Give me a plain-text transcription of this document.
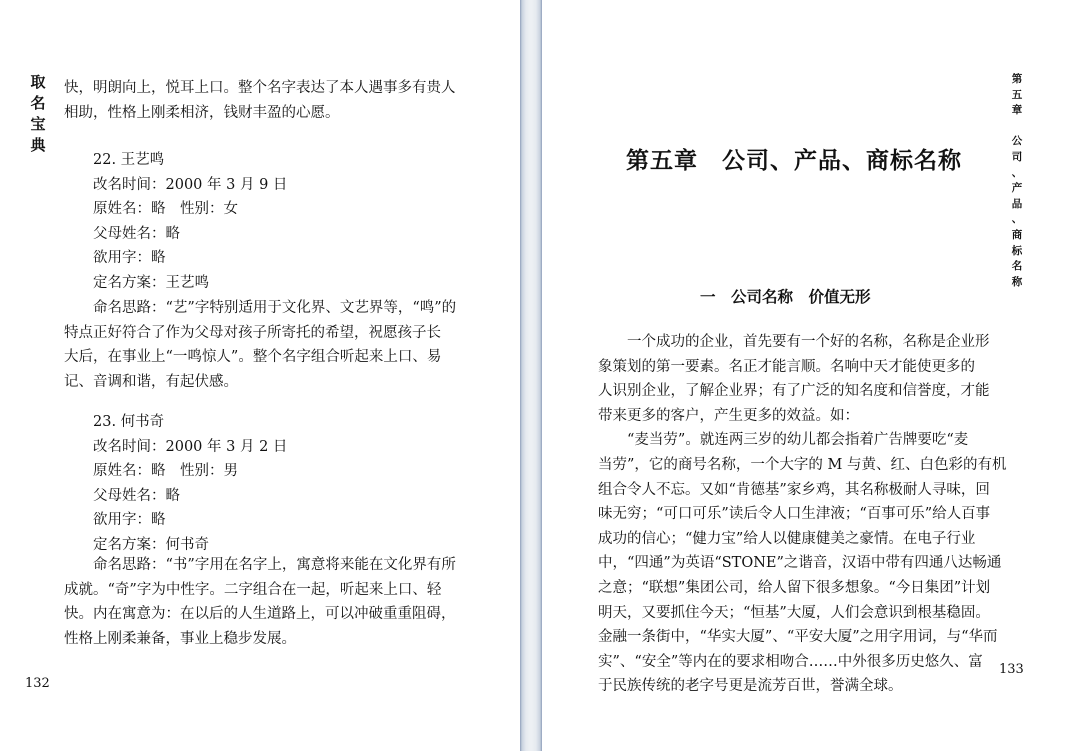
取
名
宝
典
快，明朗向上，悦耳上口。整个名字表达了本人遇事多有贵人
相助，性格上刚柔相济，钱财丰盈的心愿。
22. 王艺鸣
改名时间：2000 年 3 月 9 日
原姓名：略　性别：女
父母姓名：略
欲用字：略
定名方案：王艺鸣
命名思路：“艺”字特别适用于文化界、文艺界等，“鸣”的
特点正好符合了作为父母对孩子所寄托的希望，祝愿孩子长
大后，在事业上“一鸣惊人”。整个名字组合听起来上口、易
记、音调和谐，有起伏感。
23. 何书奇
改名时间：2000 年 3 月 2 日
原姓名：略　性别：男
父母姓名：略
欲用字：略
定名方案：何书奇
命名思路：“书”字用在名字上，寓意将来能在文化界有所
成就。“奇”字为中性字。二字组合在一起，听起来上口、轻
快。内在寓意为：在以后的人生道路上，可以冲破重重阻碍，
性格上刚柔兼备，事业上稳步发展。
132
第五章　公司、产品、商标名称
一　公司名称　价值无形
一个成功的企业，首先要有一个好的名称，名称是企业形
象策划的第一要素。名正才能言顺。名响中天才能使更多的
人识别企业，了解企业界；有了广泛的知名度和信誉度，才能
带来更多的客户，产生更多的效益。如：
“麦当劳”。就连两三岁的幼儿都会指着广告牌要吃“麦
当劳”，它的商号名称，一个大字的 M 与黄、红、白色彩的有机
组合令人不忘。又如“肯德基”家乡鸡，其名称极耐人寻味，回
味无穷；“可口可乐”读后令人口生津液；“百事可乐”给人百事
成功的信心；“健力宝”给人以健康健美之豪情。在电子行业
中，“四通”为英语“STONE”之谐音，汉语中带有四通八达畅通
之意；“联想”集团公司，给人留下很多想象。“今日集团”计划
明天，又要抓住今天；“恒基”大厦，人们会意识到根基稳固。
金融一条街中，“华实大厦”、“平安大厦”之用字用词，与“华而
实”、“安全”等内在的要求相吻合……中外很多历史悠久、富
于民族传统的老字号更是流芳百世，誉满全球。
第
五
章

公
司
、
产
品
、
商
标
名
称
133
